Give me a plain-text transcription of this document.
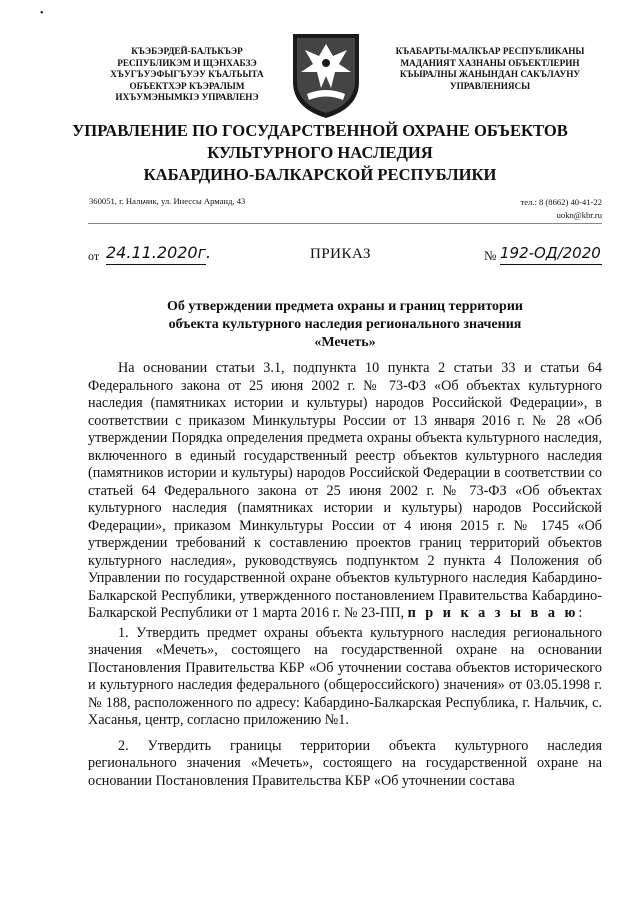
•
КЪЭБЭРДЕЙ-БАЛЪКЪЭР
РЕСПУБЛИКЭМ И ЩЭНХАБЗЭ
ХЪУГЪУЭФЫГЪУЭУ КЪАЛЪЫТА
ОБЪЕКТХЭР КЪЭРАЛЫМ
ИХЪУМЭНЫМКIЭ УПРАВЛЕНЭ
КЪАБАРТЫ-МАЛКЪАР РЕСПУБЛИКАНЫ
МАДАНИЯТ ХАЗНАНЫ ОБЪЕКТЛЕРИН
КЪЫРАЛНЫ ЖАНЫНДАН САКЪЛАУНУ
УПРАВЛЕНИЯСЫ
УПРАВЛЕНИЕ ПО ГОСУДАРСТВЕННОЙ ОХРАНЕ ОБЪЕКТОВ
КУЛЬТУРНОГО НАСЛЕДИЯ
КАБАРДИНО-БАЛКАРСКОЙ РЕСПУБЛИКИ
360051, г. Нальчик, ул. Инессы Арманд, 43	тел.: 8 (8662) 40-41-22
uokn@kbr.ru
от 24.11.2020г.	ПРИКАЗ	№ 192-ОД/2020
Об утверждении предмета охраны и границ территории
объекта культурного наследия регионального значения
«Мечеть»

На основании статьи 3.1, подпункта 10 пункта 2 статьи 33 и статьи 64 Федерального закона от 25 июня 2002 г. № 73-ФЗ «Об объектах культурного наследия (памятниках истории и культуры) народов Российской Федерации», в соответствии с приказом Минкультуры России от 13 января 2016 г. № 28 «Об утверждении Порядка определения предмета охраны объекта культурного наследия, включенного в единый государственный реестр объектов культурного наследия (памятников истории и культуры) народов Российской Федерации в соответствии со статьей 64 Федерального закона от 25 июня 2002 г. № 73-ФЗ «Об объектах культурного наследия (памятниках истории и культуры) народов Российской Федерации», приказом Минкультуры России от 4 июня 2015 г. № 1745 «Об утверждении требований к составлению проектов границ территорий объектов культурного наследия», руководствуясь подпунктом 2 пункта 4 Положения об Управлении по государственной охране объектов культурного наследия Кабардино-Балкарской Республики, утвержденного постановлением Правительства Кабардино-Балкарской Республики от 1 марта 2016 г. № 23-ПП, п р и к а з ы в а ю:

1. Утвердить предмет охраны объекта культурного наследия регионального значения «Мечеть», состоящего на государственной охране на основании Постановления Правительства КБР «Об уточнении состава объектов исторического и культурного наследия федерального (общероссийского) значения» от 03.05.1998 г. № 188, расположенного по адресу: Кабардино-Балкарская Республика, г. Нальчик, с. Хасанья, центр, согласно приложению №1.

2. Утвердить границы территории объекта культурного наследия регионального значения «Мечеть», состоящего на государственной охране на основании Постановления Правительства КБР «Об уточнении состава
